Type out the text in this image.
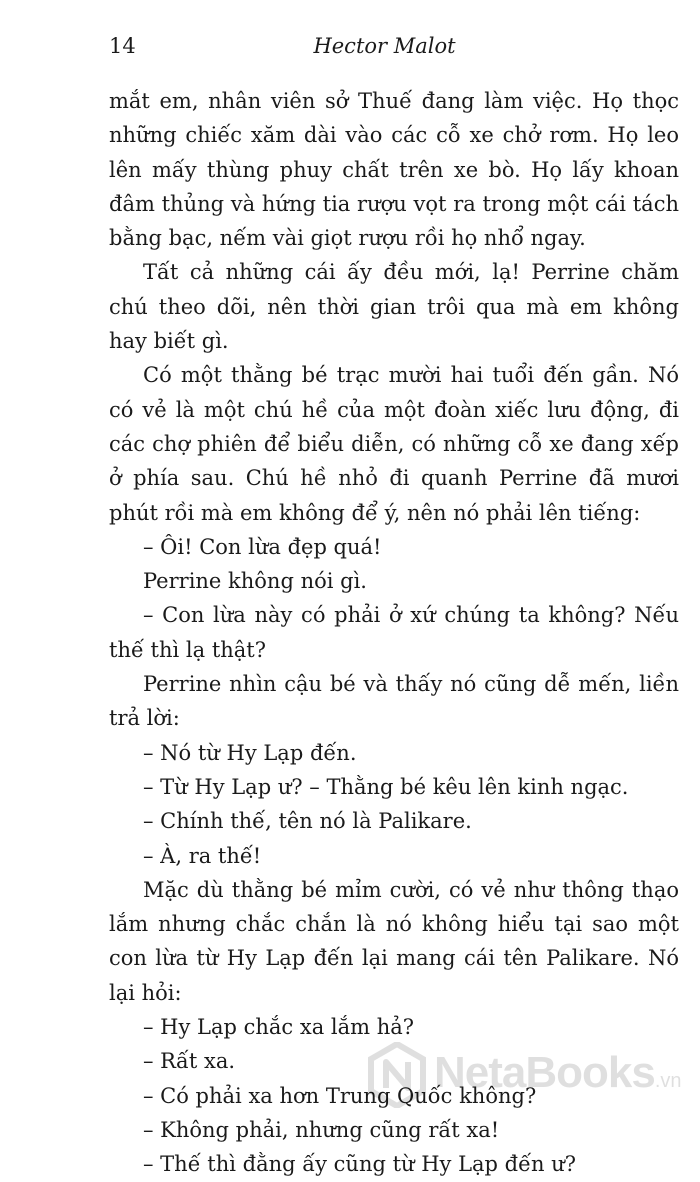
14	Hector Malot

mắt em, nhân viên sở Thuế đang làm việc. Họ thọc những chiếc xăm dài vào các cỗ xe chở rơm. Họ leo lên mấy thùng phuy chất trên xe bò. Họ lấy khoan đâm thủng và hứng tia rượu vọt ra trong một cái tách bằng bạc, nếm vài giọt rượu rồi họ nhổ ngay.

Tất cả những cái ấy đều mới, lạ! Perrine chăm chú theo dõi, nên thời gian trôi qua mà em không hay biết gì.

Có một thằng bé trạc mười hai tuổi đến gần. Nó có vẻ là một chú hề của một đoàn xiếc lưu động, đi các chợ phiên để biểu diễn, có những cỗ xe đang xếp ở phía sau. Chú hề nhỏ đi quanh Perrine đã mươi phút rồi mà em không để ý, nên nó phải lên tiếng:

– Ôi! Con lừa đẹp quá!

Perrine không nói gì.

– Con lừa này có phải ở xứ chúng ta không? Nếu thế thì lạ thật?

Perrine nhìn cậu bé và thấy nó cũng dễ mến, liền trả lời:

– Nó từ Hy Lạp đến.

– Từ Hy Lạp ư? – Thằng bé kêu lên kinh ngạc.

– Chính thế, tên nó là Palikare.

– À, ra thế!

Mặc dù thằng bé mỉm cười, có vẻ như thông thạo lắm nhưng chắc chắn là nó không hiểu tại sao một con lừa từ Hy Lạp đến lại mang cái tên Palikare. Nó lại hỏi:

– Hy Lạp chắc xa lắm hả?

– Rất xa.

– Có phải xa hơn Trung Quốc không?

– Không phải, nhưng cũng rất xa!

– Thế thì đằng ấy cũng từ Hy Lạp đến ư?

NetaBooks.vn
